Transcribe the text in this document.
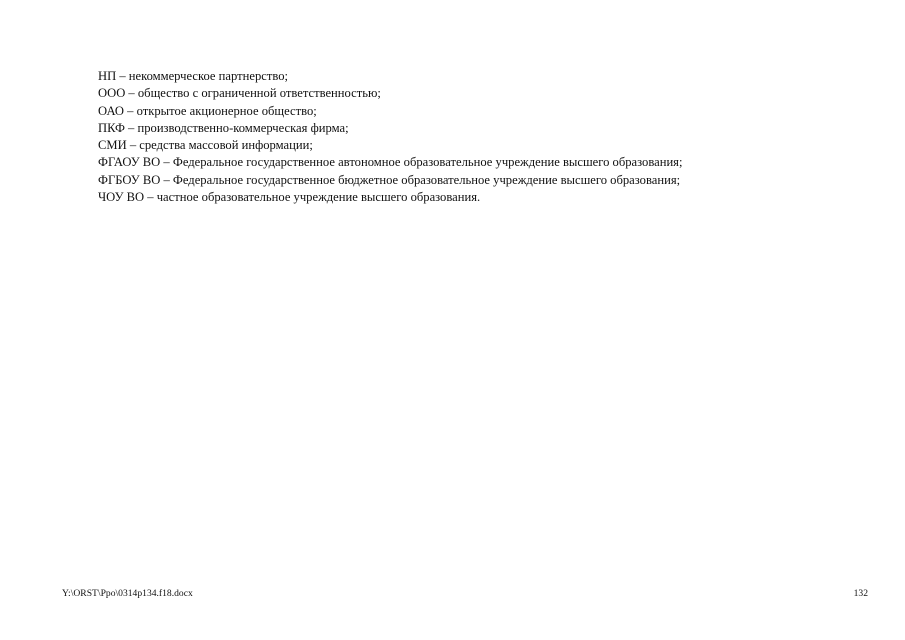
НП – некоммерческое партнерство;
ООО – общество с ограниченной ответственностью;
ОАО – открытое акционерное общество;
ПКФ – производственно-коммерческая фирма;
СМИ – средства массовой информации;
ФГАОУ ВО – Федеральное государственное автономное образовательное учреждение высшего образования;
ФГБОУ ВО – Федеральное государственное бюджетное образовательное учреждение высшего образования;
ЧОУ ВО – частное образовательное учреждение высшего образования.
Y:\ORST\Ppo\0314p134.f18.docx	132
